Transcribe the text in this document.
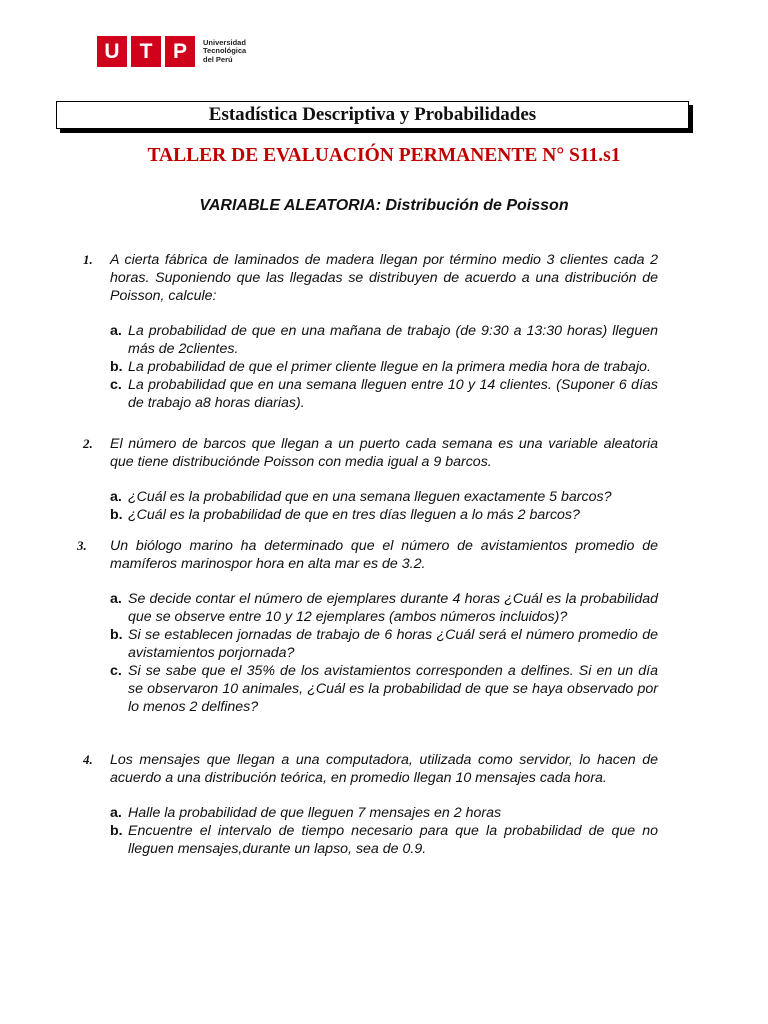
U T P	Universidad
Tecnológica
del Perú
Estadística Descriptiva y Probabilidades
TALLER DE EVALUACIÓN PERMANENTE N° S11.s1
VARIABLE ALEATORIA: Distribución de Poisson
1. A cierta fábrica de laminados de madera llegan por término medio 3 clientes cada 2 horas. Suponiendo que las llegadas se distribuyen de acuerdo a una distribución de Poisson, calcule:
a. La probabilidad de que en una mañana de trabajo (de 9:30 a 13:30 horas) lleguen más de 2clientes.
b. La probabilidad de que el primer cliente llegue en la primera media hora de trabajo.
c. La probabilidad que en una semana lleguen entre 10 y 14 clientes. (Suponer 6 días de trabajo a8 horas diarias).
2. El número de barcos que llegan a un puerto cada semana es una variable aleatoria que tiene distribuciónde Poisson con media igual a 9 barcos.
a. ¿Cuál es la probabilidad que en una semana lleguen exactamente 5 barcos?
b. ¿Cuál es la probabilidad de que en tres días lleguen a lo más 2 barcos?
3. Un biólogo marino ha determinado que el número de avistamientos promedio de mamíferos marinospor hora en alta mar es de 3.2.
a. Se decide contar el número de ejemplares durante 4 horas ¿Cuál es la probabilidad que se observe entre 10 y 12 ejemplares (ambos números incluidos)?
b. Si se establecen jornadas de trabajo de 6 horas ¿Cuál será el número promedio de avistamientos porjornada?
c. Si se sabe que el 35% de los avistamientos corresponden a delfines. Si en un día se observaron 10 animales, ¿Cuál es la probabilidad de que se haya observado por lo menos 2 delfines?
4. Los mensajes que llegan a una computadora, utilizada como servidor, lo hacen de acuerdo a una distribución teórica, en promedio llegan 10 mensajes cada hora.
a. Halle la probabilidad de que lleguen 7 mensajes en 2 horas
b. Encuentre el intervalo de tiempo necesario para que la probabilidad de que no lleguen mensajes,durante un lapso, sea de 0.9.
